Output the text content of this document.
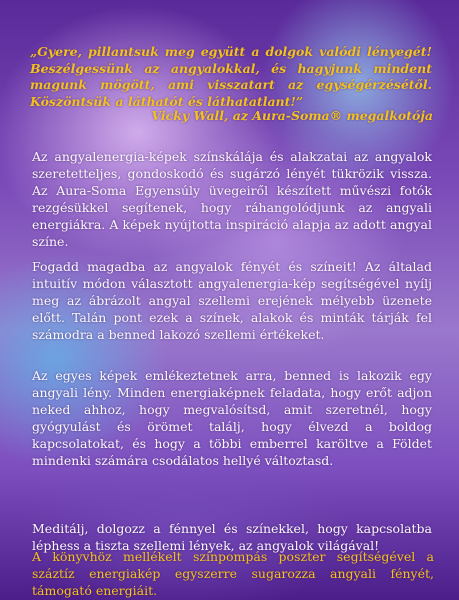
„Gyere, pillantsuk meg együtt a dolgok valódi lényegét! Beszélgessünk az angyalokkal, és hagyjunk mindent magunk mögött, ami visszatart az egységérzésétől. Köszöntsük a láthatót és láthatatlant!”
Vicky Wall, az Aura-Soma® megalkotója
Az angyalenergia-képek színskálája és alakzatai az angyalok szeretetteljes, gondoskodó és sugárzó lényét tükrözik vissza. Az Aura-Soma Egyensúly üvegeiről készített művészi fotók rezgésükkel segítenek, hogy ráhangolódjunk az angyali energiákra. A képek nyújtotta inspiráció alapja az adott angyal színe.
Fogadd magadba az angyalok fényét és színeit! Az általad intuitív módon választott angyalenergia-kép segítségével nyílj meg az ábrázolt angyal szellemi erejének mélyebb üzenete előtt. Talán pont ezek a színek, alakok és minták tárják fel számodra a benned lakozó szellemi értékeket.
Az egyes képek emlékeztetnek arra, benned is lakozik egy angyali lény. Minden energiaképnek feladata, hogy erőt adjon neked ahhoz, hogy megvalósítsd, amit szeretnél, hogy gyógyulást és örömet találj, hogy élvezd a boldog kapcsolatokat, és hogy a többi emberrel karöltve a Földet mindenki számára csodálatos hellyé változtasd.
Meditálj, dolgozz a fénnyel és színekkel, hogy kapcsolatba léphess a tiszta szellemi lények, az angyalok világával!
A könyvhöz mellékelt színpompás poszter segítségével a száztíz energiakép egyszerre sugarozza angyali fényét, támogató energiáit.
